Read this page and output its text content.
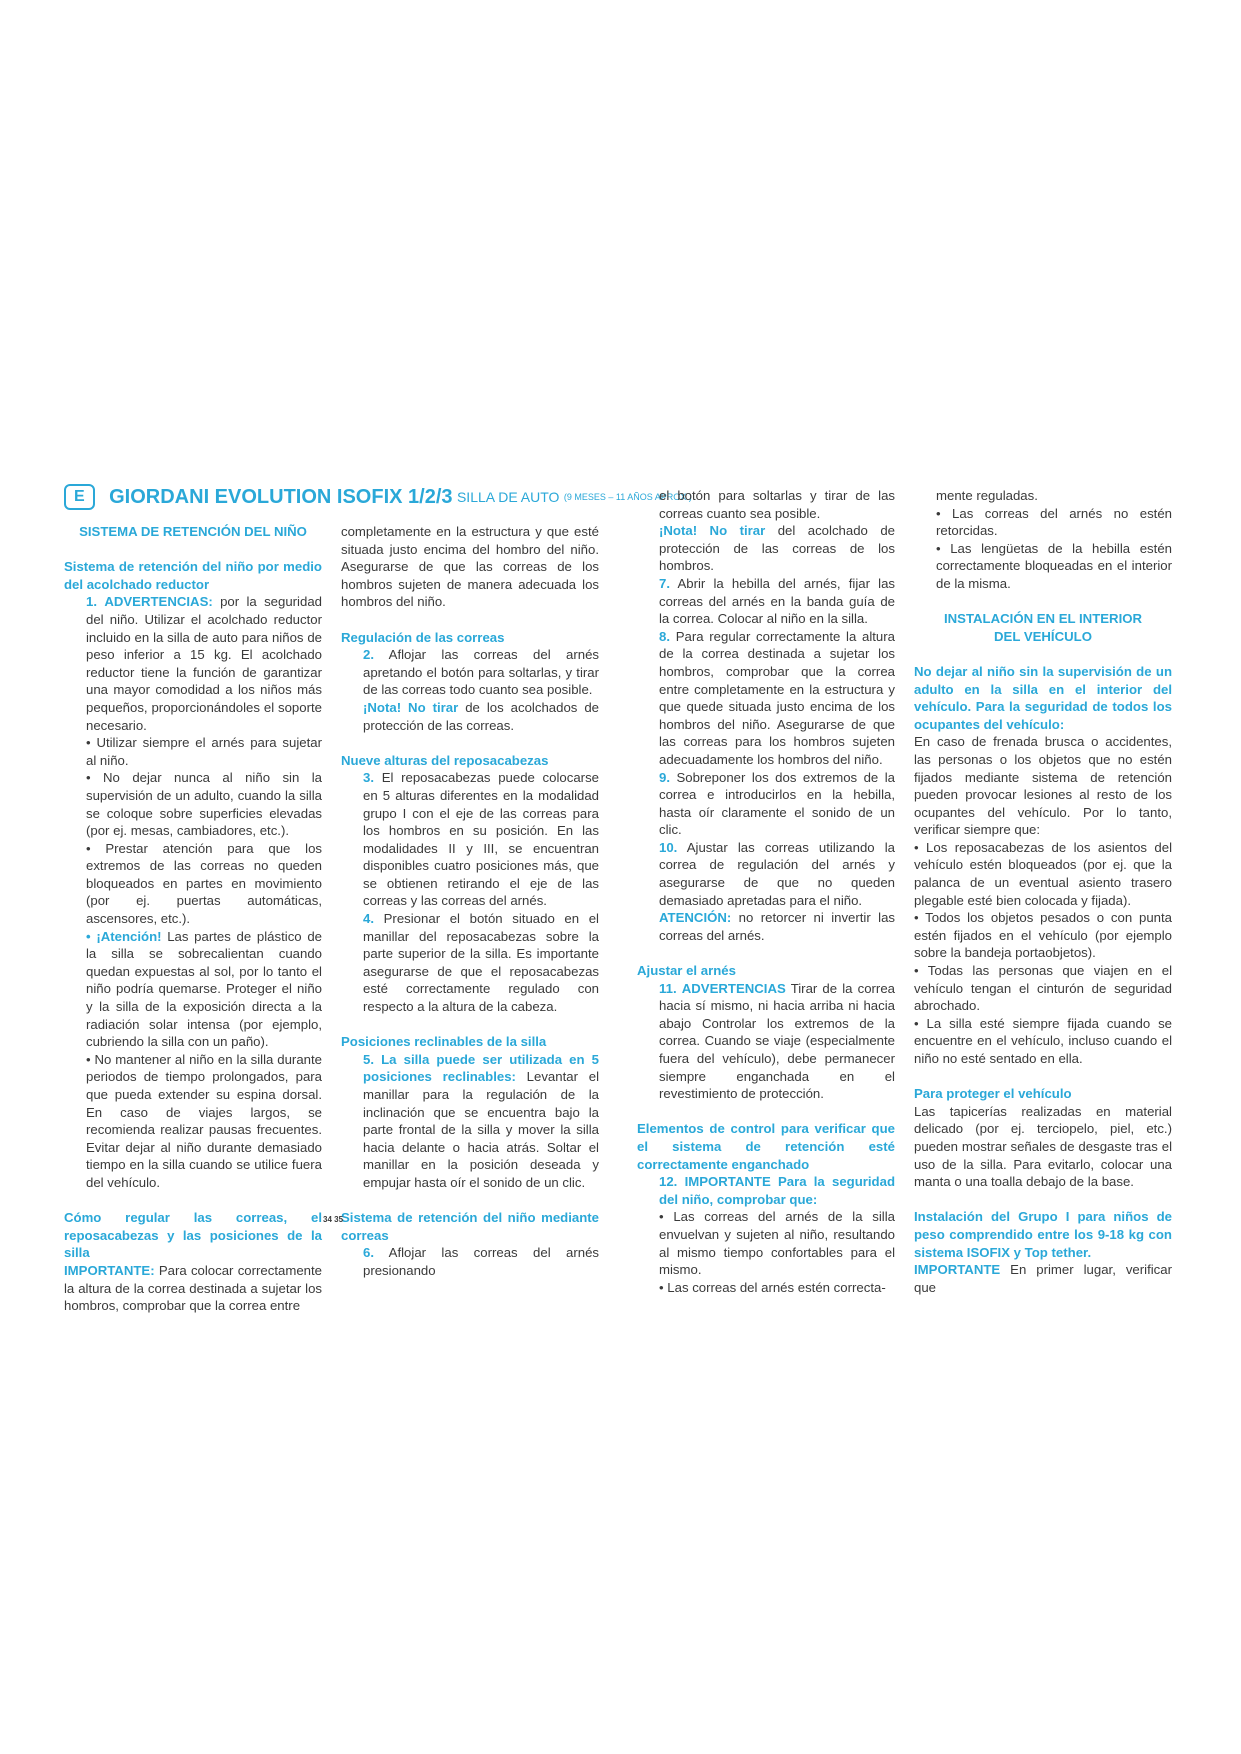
E GIORDANI EVOLUTION ISOFIX 1/2/3 SILLA DE AUTO (9 MESES – 11 AÑOS APROX.)

SISTEMA DE RETENCIÓN DEL NIÑO

Sistema de retención del niño por medio del acolchado reductor

1. ADVERTENCIAS: por la seguridad del niño. Utilizar el acolchado reductor incluido en la silla de auto para niños de peso inferior a 15 kg. El acolchado reductor tiene la función de garantizar una mayor comodidad a los niños más pequeños, proporcionándoles el soporte necesario.

• Utilizar siempre el arnés para sujetar al niño.

• No dejar nunca al niño sin la supervisión de un adulto, cuando la silla se coloque sobre superficies elevadas (por ej. mesas, cambiadores, etc.).

• Prestar atención para que los extremos de las correas no queden bloqueados en partes en movimiento (por ej. puertas automáticas, ascensores, etc.).

• ¡Atención! Las partes de plástico de la silla se sobrecalientan cuando quedan expuestas al sol, por lo tanto el niño podría quemarse. Proteger el niño y la silla de la exposición directa a la radiación solar intensa (por ejemplo, cubriendo la silla con un paño).

• No mantener al niño en la silla durante periodos de tiempo prolongados, para que pueda extender su espina dorsal. En caso de viajes largos, se recomienda realizar pausas frecuentes. Evitar dejar al niño durante demasiado tiempo en la silla cuando se utilice fuera del vehículo.

Cómo regular las correas, el reposacabezas y las posiciones de la silla

IMPORTANTE: Para colocar correctamente la altura de la correa destinada a sujetar los hombros, comprobar que la correa entre

completamente en la estructura y que esté situada justo encima del hombro del niño. Asegurarse de que las correas de los hombros sujeten de manera adecuada los hombros del niño.

Regulación de las correas

2. Aflojar las correas del arnés apretando el botón para soltarlas, y tirar de las correas todo cuanto sea posible.

¡Nota! No tirar de los acolchados de protección de las correas.

Nueve alturas del reposacabezas

3. El reposacabezas puede colocarse en 5 alturas diferentes en la modalidad grupo I con el eje de las correas para los hombros en su posición. En las modalidades II y III, se encuentran disponibles cuatro posiciones más, que se obtienen retirando el eje de las correas y las correas del arnés.

4. Presionar el botón situado en el manillar del reposacabezas sobre la parte superior de la silla. Es importante asegurarse de que el reposacabezas esté correctamente regulado con respecto a la altura de la cabeza.

Posiciones reclinables de la silla

5. La silla puede ser utilizada en 5 posiciones reclinables: Levantar el manillar para la regulación de la inclinación que se encuentra bajo la parte frontal de la silla y mover la silla hacia delante o hacia atrás. Soltar el manillar en la posición deseada y empujar hasta oír el sonido de un clic.

Sistema de retención del niño mediante correas

6. Aflojar las correas del arnés presionando

el botón para soltarlas y tirar de las correas cuanto sea posible.

¡Nota! No tirar del acolchado de protección de las correas de los hombros.

7. Abrir la hebilla del arnés, fijar las correas del arnés en la banda guía de la correa. Colocar al niño en la silla.

8. Para regular correctamente la altura de la correa destinada a sujetar los hombros, comprobar que la correa entre completamente en la estructura y que quede situada justo encima de los hombros del niño. Asegurarse de que las correas para los hombros sujeten adecuadamente los hombros del niño.

9. Sobreponer los dos extremos de la correa e introducirlos en la hebilla, hasta oír claramente el sonido de un clic.

10. Ajustar las correas utilizando la correa de regulación del arnés y asegurarse de que no queden demasiado apretadas para el niño.

ATENCIÓN: no retorcer ni invertir las correas del arnés.

Ajustar el arnés

11. ADVERTENCIAS Tirar de la correa hacia sí mismo, ni hacia arriba ni hacia abajo Controlar los extremos de la correa. Cuando se viaje (especialmente fuera del vehículo), debe permanecer siempre enganchada en el revestimiento de protección.

Elementos de control para verificar que el sistema de retención esté correctamente enganchado

12. IMPORTANTE Para la seguridad del niño, comprobar que:

• Las correas del arnés de la silla envuelvan y sujeten al niño, resultando al mismo tiempo confortables para el mismo.

• Las correas del arnés estén correcta-

mente reguladas.

• Las correas del arnés no estén retorcidas.

• Las lengüetas de la hebilla estén correctamente bloqueadas en el interior de la misma.

INSTALACIÓN EN EL INTERIOR

DEL VEHÍCULO

No dejar al niño sin la supervisión de un adulto en la silla en el interior del vehículo. Para la seguridad de todos los ocupantes del vehículo:

En caso de frenada brusca o accidentes, las personas o los objetos que no estén fijados mediante sistema de retención pueden provocar lesiones al resto de los ocupantes del vehículo. Por lo tanto, verificar siempre que:

• Los reposacabezas de los asientos del vehículo estén bloqueados (por ej. que la palanca de un eventual asiento trasero plegable esté bien colocada y fijada).

• Todos los objetos pesados o con punta estén fijados en el vehículo (por ejemplo sobre la bandeja portaobjetos).

• Todas las personas que viajen en el vehículo tengan el cinturón de seguridad abrochado.

• La silla esté siempre fijada cuando se encuentre en el vehículo, incluso cuando el niño no esté sentado en ella.

Para proteger el vehículo

Las tapicerías realizadas en material delicado (por ej. terciopelo, piel, etc.) pueden mostrar señales de desgaste tras el uso de la silla. Para evitarlo, colocar una manta o una toalla debajo de la base.

Instalación del Grupo I para niños de peso comprendido entre los 9-18 kg con sistema ISOFIX y Top tether.

IMPORTANTE En primer lugar, verificar que

34 35
